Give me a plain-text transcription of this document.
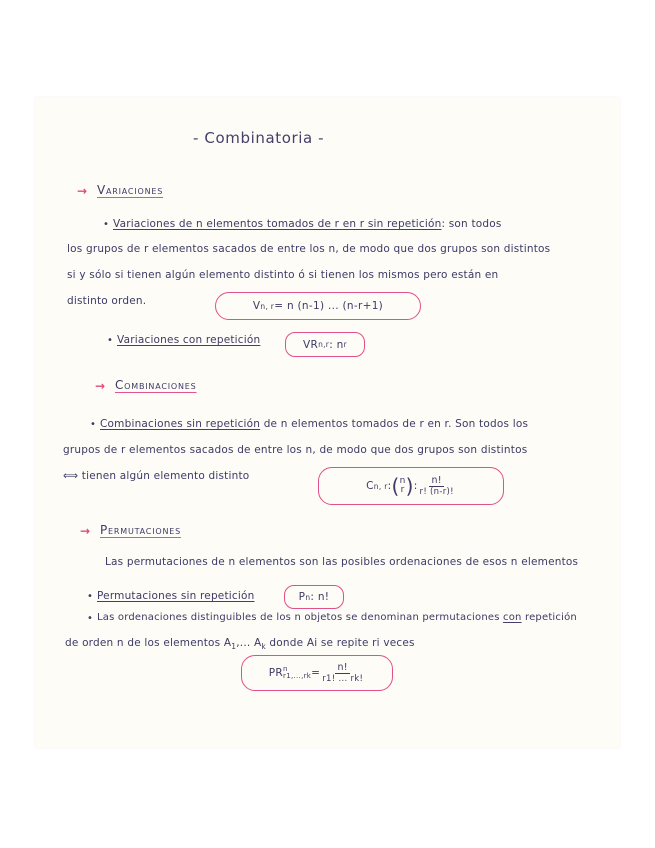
- Combinatoria -
→ Variaciones
• Variaciones de n elementos tomados de r en r sin repetición: son todos
los grupos de r elementos sacados de entre los n, de modo que dos grupos son distintos
si y sólo si tienen algún elemento distinto ó si tienen los mismos pero están en
distinto orden.	V n, r = n (n-1) ... (n-r+1)
• Variaciones con repetición	VR n,r : n r
→ Combinaciones
• Combinaciones sin repetición de n elementos tomados de r en r. Son todos los
grupos de r elementos sacados de entre los n, de modo que dos grupos son distintos
⟺ tienen algún elemento distinto
C n, r : ( n
r ) : $\frac{n!}{r! (n-r)!}$
→ Permutaciones
Las permutaciones de n elementos son las posibles ordenaciones de esos n elementos
• Permutaciones sin repetición	P n : n!
• Las ordenaciones distinguibles de los n objetos se denominan permutaciones con repetición
de orden n de los elementos $A_1$,... $A_k$ donde Ai se repite ri veces
PR n
$r1,...,rk = \frac{n!}{r1! ... rk!}$
